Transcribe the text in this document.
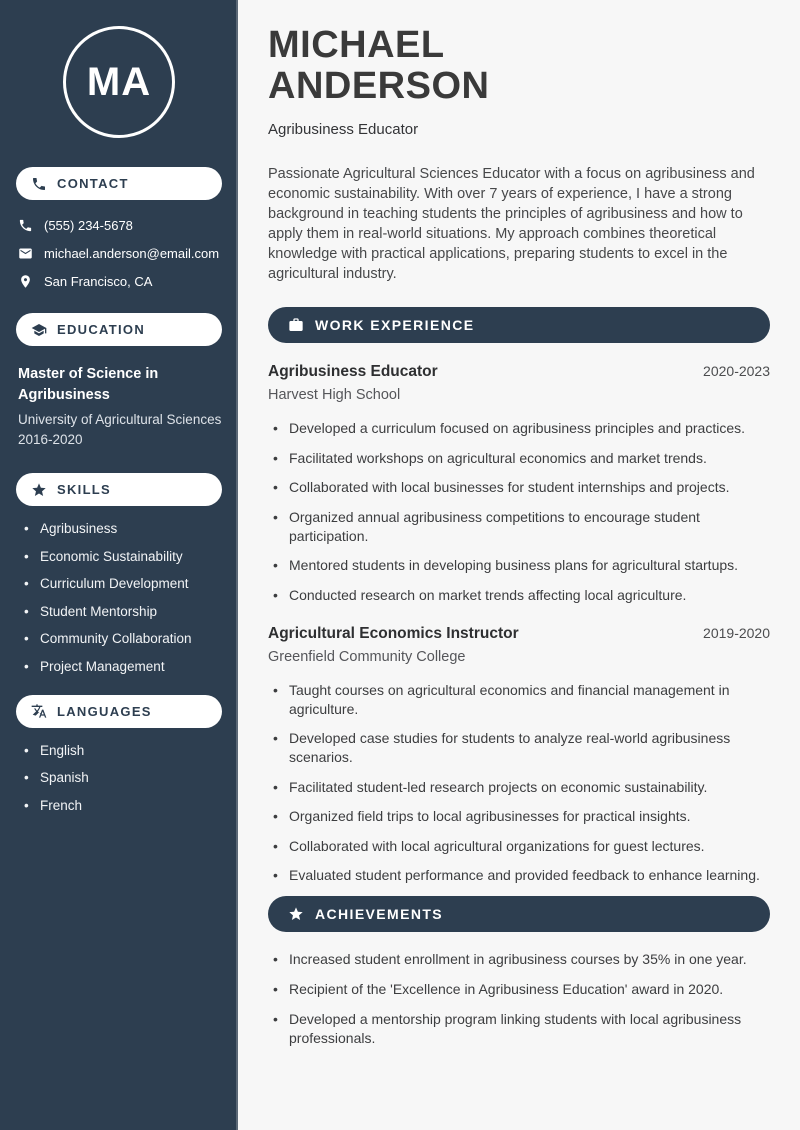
MA
CONTACT
(555) 234-5678
michael.anderson@email.com
San Francisco, CA
EDUCATION
Master of Science in Agribusiness
University of Agricultural Sciences
2016-2020
SKILLS
• Agribusiness
• Economic Sustainability
• Curriculum Development
• Student Mentorship
• Community Collaboration
• Project Management
LANGUAGES
• English
• Spanish
• French
MICHAEL
ANDERSON
Agribusiness Educator

Passionate Agricultural Sciences Educator with a focus on agribusiness and economic sustainability. With over 7 years of experience, I have a strong background in teaching students the principles of agribusiness and how to apply them in real-world situations. My approach combines theoretical knowledge with practical applications, preparing students to excel in the agricultural industry.

WORK EXPERIENCE
Agribusiness Educator	2020-2023
Harvest High School
• Developed a curriculum focused on agribusiness principles and practices.
• Facilitated workshops on agricultural economics and market trends.
• Collaborated with local businesses for student internships and projects.
• Organized annual agribusiness competitions to encourage student participation.
• Mentored students in developing business plans for agricultural startups.
• Conducted research on market trends affecting local agriculture.
Agricultural Economics Instructor	2019-2020
Greenfield Community College
• Taught courses on agricultural economics and financial management in agriculture.
• Developed case studies for students to analyze real-world agribusiness scenarios.
• Facilitated student-led research projects on economic sustainability.
• Organized field trips to local agribusinesses for practical insights.
• Collaborated with local agricultural organizations for guest lectures.
• Evaluated student performance and provided feedback to enhance learning.
ACHIEVEMENTS
• Increased student enrollment in agribusiness courses by 35% in one year.
• Recipient of the 'Excellence in Agribusiness Education' award in 2020.
• Developed a mentorship program linking students with local agribusiness professionals.
